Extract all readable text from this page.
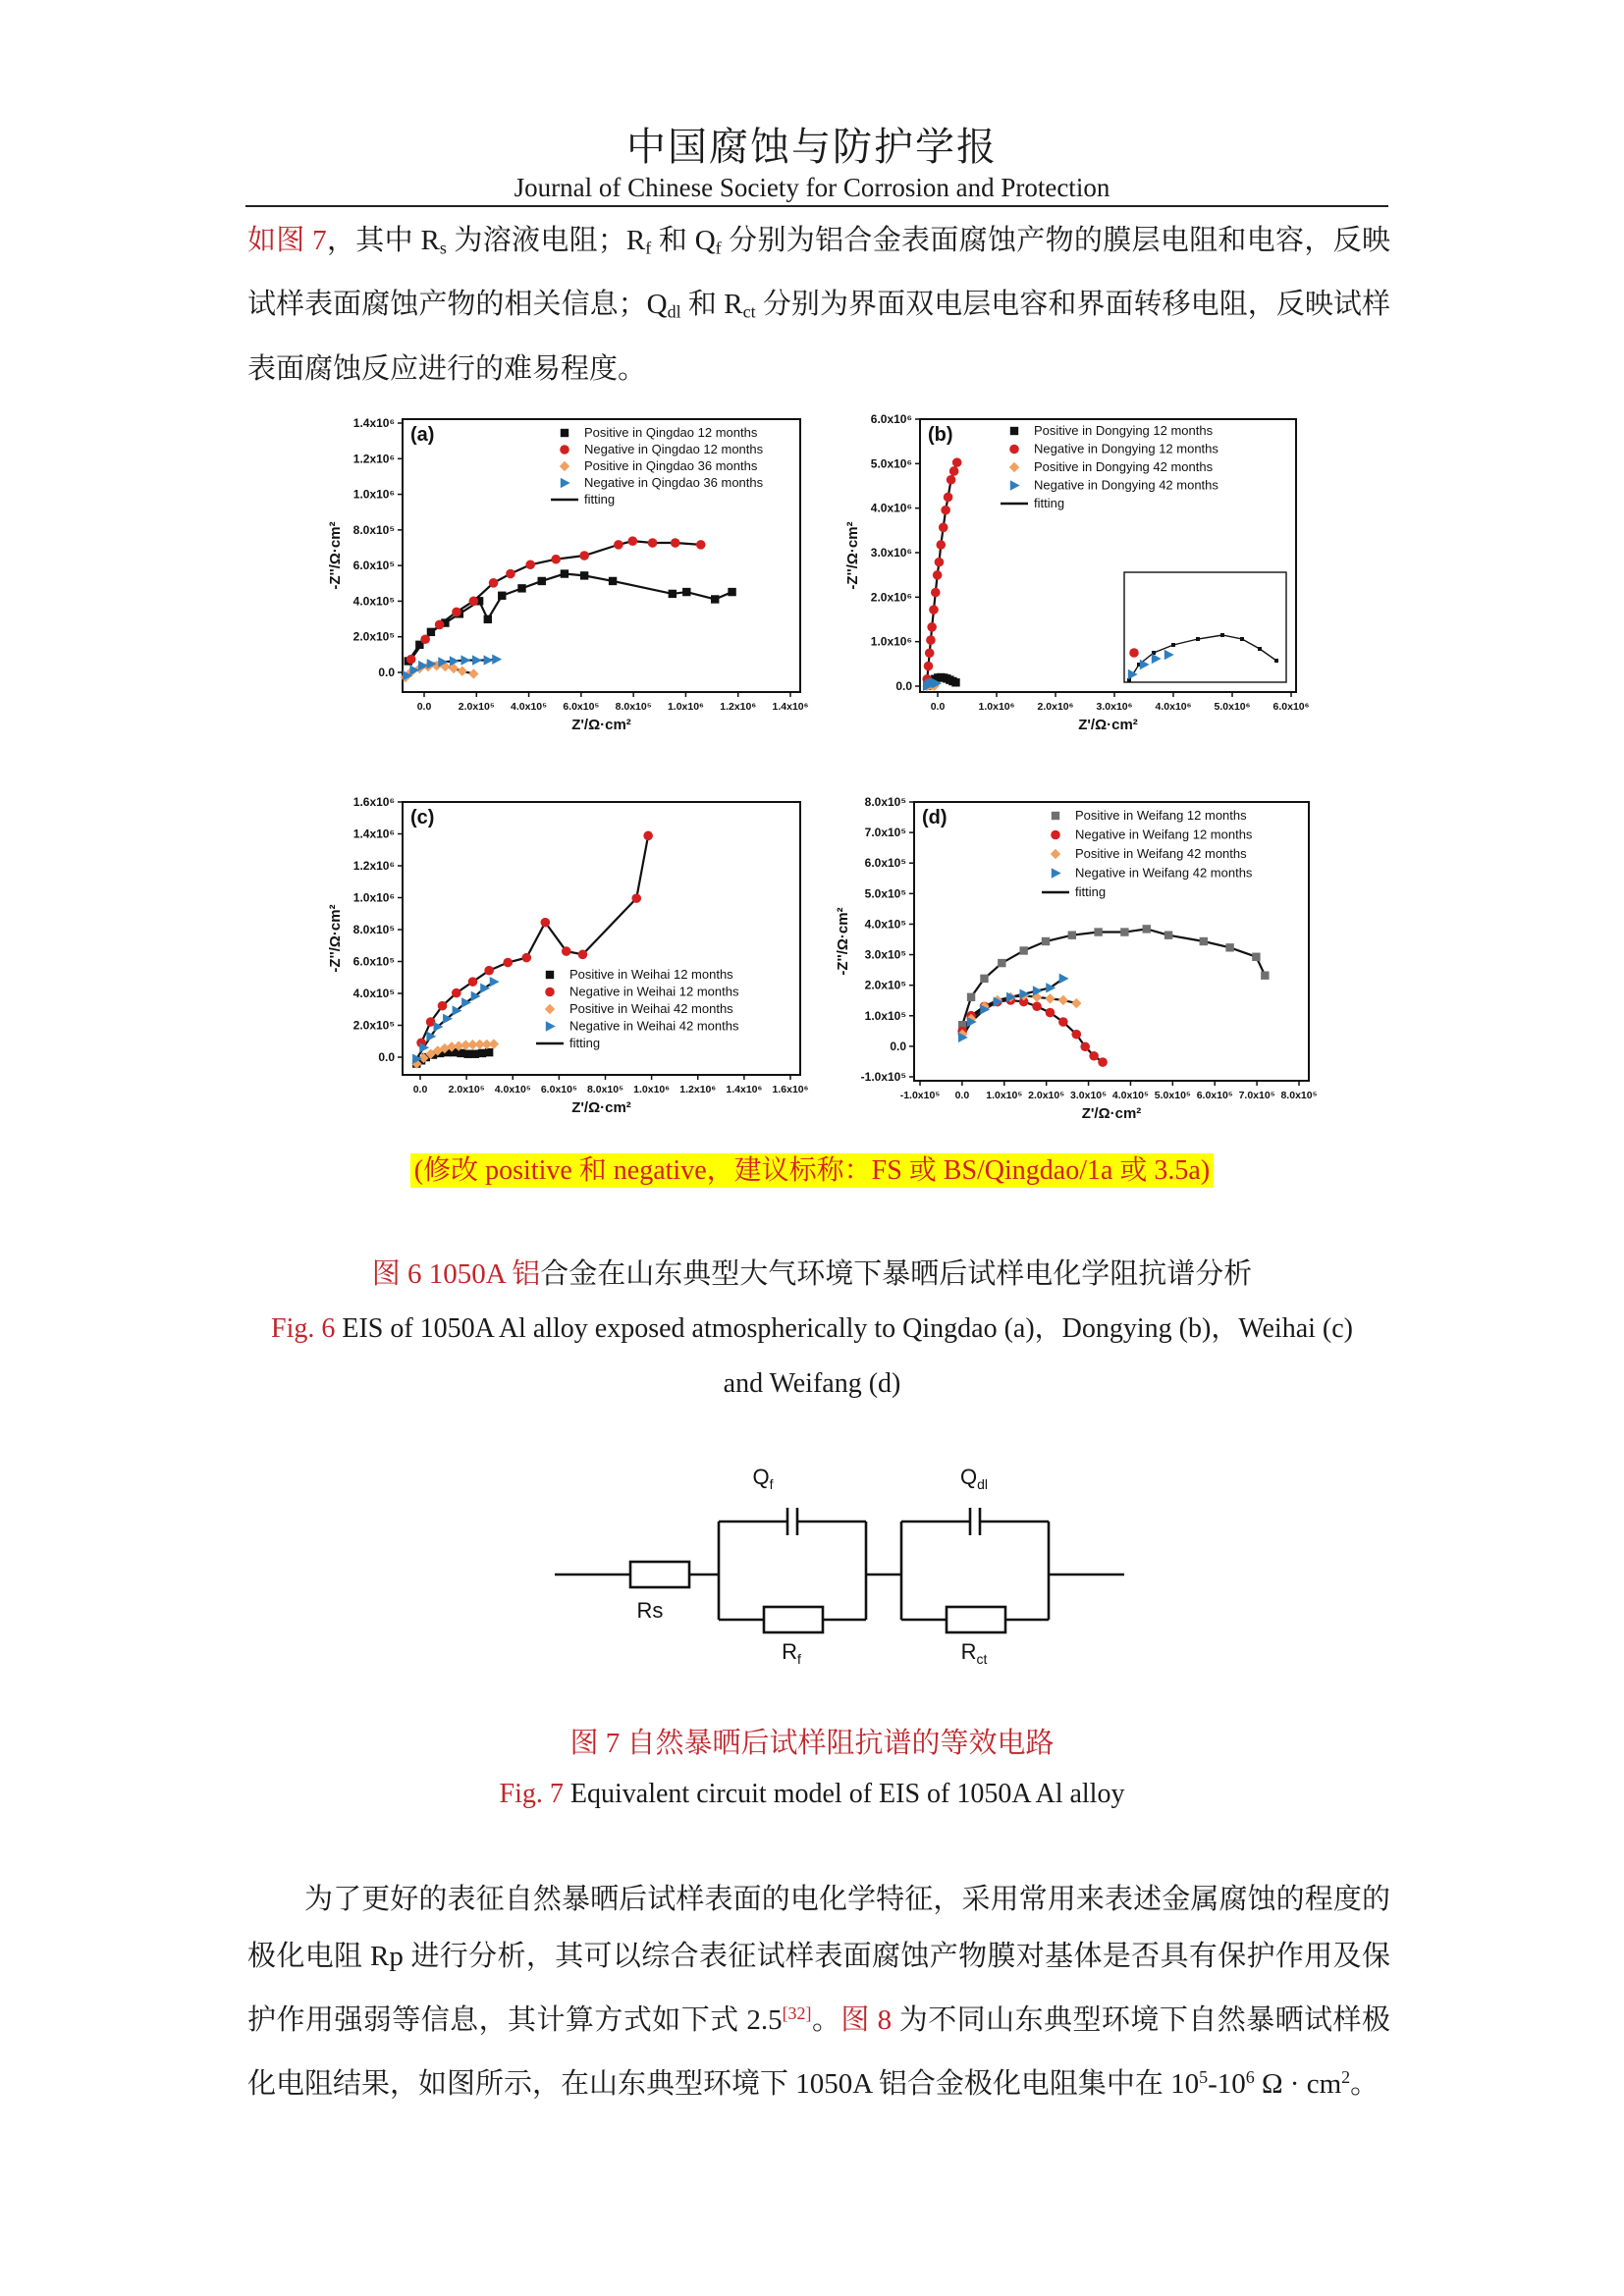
中国腐蚀与防护学报
Journal of Chinese Society for Corrosion and Protection
如图 7，其中 $R_s$ 为溶液电阻；$R_f$ 和 $Q_f$ 分别为铝合金表面腐蚀产物的膜层电阻和电容，反映试样表面腐蚀产物的相关信息；$Q_{dl}$ 和 $R_{ct}$ 分别为界面双电层电容和界面转移电阻，反映试样表面腐蚀反应进行的难易程度。
0.0	2.0x10⁵ 4.0x10⁵ 6.0x10⁵ 8.0x10⁵ 1.0x10⁶ 1.2x10⁶ 1.4x10⁶
0.0
2.0x10⁵
4.0x10⁵
6.0x10⁵
8.0x10⁵
1.0x10⁶
1.2x10⁶
1.4x10⁶
Z'/Ω·cm²
-Z''/Ω·cm²
(a)	Positive in Qingdao 12 months
Negative in Qingdao 12 months
Positive in Qingdao 36 months
Negative in Qingdao 36 months
fitting
0.0	1.0x10⁶ 2.0x10⁶ 3.0x10⁶ 4.0x10⁶ 5.0x10⁶ 6.0x10⁶
0.0
1.0x10⁶
2.0x10⁶
3.0x10⁶
4.0x10⁶
5.0x10⁶
6.0x10⁶
Z'/Ω·cm²
-Z''/Ω·cm²
(b)	Positive in Dongying 12 months
Negative in Dongying 12 months
Positive in Dongying 42 months
Negative in Dongying 42 months
fitting
0.0 2.0x10⁵ 4.0x10⁵ 6.0x10⁵ 8.0x10⁵ 1.0x10⁶ 1.2x10⁶ 1.4x10⁶ 1.6x10⁶
0.0
2.0x10⁵
4.0x10⁵
6.0x10⁵
8.0x10⁵
1.0x10⁶
1.2x10⁶
1.4x10⁶
1.6x10⁶
Z'/Ω·cm²
-Z''/Ω·cm²
(c)
Positive in Weihai 12 months
Negative in Weihai 12 months
Positive in Weihai 42 months
Negative in Weihai 42 months
fitting
-1.0x10⁵ 0.0 1.0x10⁵ 2.0x10⁵ 3.0x10⁵ 4.0x10⁵ 5.0x10⁵ 6.0x10⁵ 7.0x10⁵ 8.0x10⁵
-1.0x10⁵
0.0
1.0x10⁵
2.0x10⁵
3.0x10⁵
4.0x10⁵
5.0x10⁵
6.0x10⁵
7.0x10⁵
8.0x10⁵
Z'/Ω·cm²
-Z''/Ω·cm²
(d)	Positive in Weifang 12 months
Negative in Weifang 12 months
Positive in Weifang 42 months
Negative in Weifang 42 months
fitting
(修改 positive 和 negative，建议标称：FS 或 BS/Qingdao/1a 或 3.5a)
图 6 1050A 铝合金在山东典型大气环境下暴晒后试样电化学阻抗谱分析
Fig. 6 EIS of 1050A Al alloy exposed atmospherically to Qingdao (a)，Dongying (b)，Weihai (c)
and Weifang (d)
Rs
$Q_f$
$R_f$
$Q_{dl}$
$R_{ct}$
图 7 自然暴晒后试样阻抗谱的等效电路
Fig. 7 Equivalent circuit model of EIS of 1050A Al alloy
为了更好的表征自然暴晒后试样表面的电化学特征，采用常用来表述金属腐蚀的程度的极化电阻 Rp 进行分析，其可以综合表征试样表面腐蚀产物膜对基体是否具有保护作用及保护作用强弱等信息，其计算方式如下式 2.5[32]。图 8 为不同山东典型环境下自然暴晒试样极化电阻结果，如图所示，在山东典型环境下 1050A 铝合金极化电阻集中在 $10^5-10^6$ $\Omega \cdot cm^2$。
